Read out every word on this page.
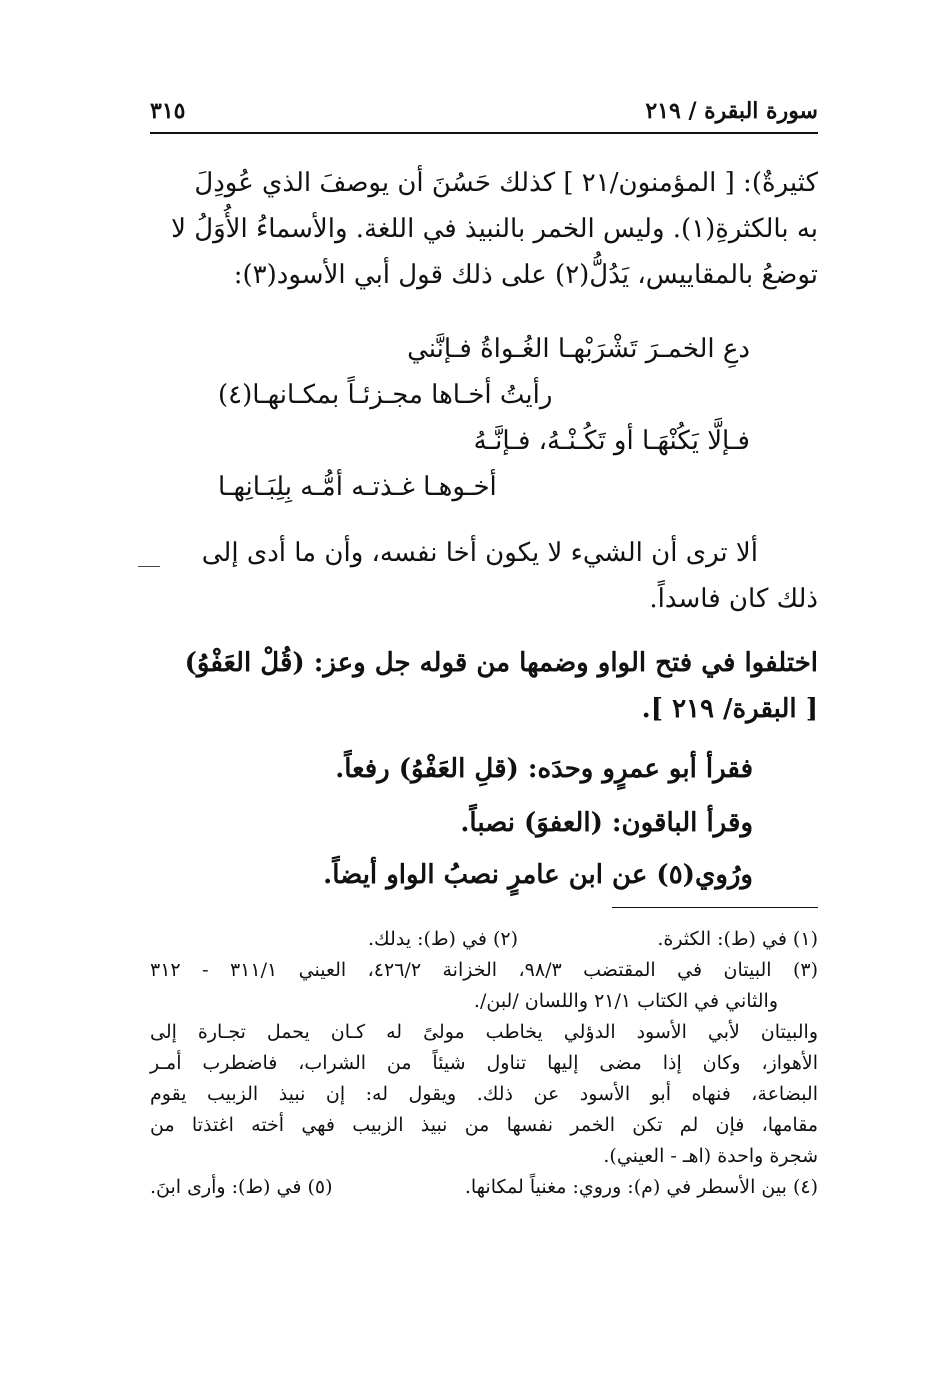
سورة البقرة / ٢١٩
٣١٥

كثيرةٌ): [ المؤمنون/٢١ ] كذلك حَسُنَ أن يوصفَ الذي عُودِلَ

به بالكثرةِ(١). وليس الخمر بالنبيذ في اللغة. والأسماءُ الأُوَلُ لا

توضعُ بالمقاييس، يَدُلُّ(٢) على ذلك قول أبي الأسود(٣):

دعِ الخمـرَ تَشْرَبْهـا الغُـواةُ فـإنَّني
رأيتُ أخـاها مجـزئـاً بمكـانهـا(٤)
فـإلَّا يَكُنْهَـا أو تَكُـنْـهُ، فـإنَّـهُ
أخـوهـا غـذتـه أمُّـه بِلِبَـانِهـا

ألا ترى أن الشيء لا يكون أخا نفسه، وأن ما أدى إلى

ذلك كان فاسداً.

اختلفوا في فتح الواو وضمها من قوله جل وعز: (قُلْ العَفْوُ)

[ البقرة/ ٢١٩ ].

فقرأ أبو عمرٍو وحدَه: (قلِ العَفْوُ) رفعاً.
وقرأ الباقون: (العفوَ) نصباً.
ورُوي(٥) عن ابن عامرٍ نصبُ الواو أيضاً.
(١) في (ط): الكثرة.
(٢) في (ط): يدلك.
(٣) البيتان في المقتضب ٩٨/٣، الخزانة ٤٢٦/٢، العيني ٣١١/١ - ٣١٢
والثاني في الكتاب ٢١/١ واللسان /لبن/.
والبيتان لأبي الأسود الدؤلي يخاطب مولىً له كـان يحمل تجـارة إلى
الأهواز، وكان إذا مضى إليها تناول شيئاً من الشراب، فاضطرب أمـر
البضاعة، فنهاه أبو الأسود عن ذلك. ويقول له: إن نبيذ الزبيب يقوم
مقامها، فإن لم تكن الخمر نفسها من نبيذ الزبيب فهي أخته اغتذتا من
شجرة واحدة (اهـ - العيني).
(٤) بين الأسطر في (م): وروي: مغنياً لمكانها.
(٥) في (ط): وأرى ابنَ.
